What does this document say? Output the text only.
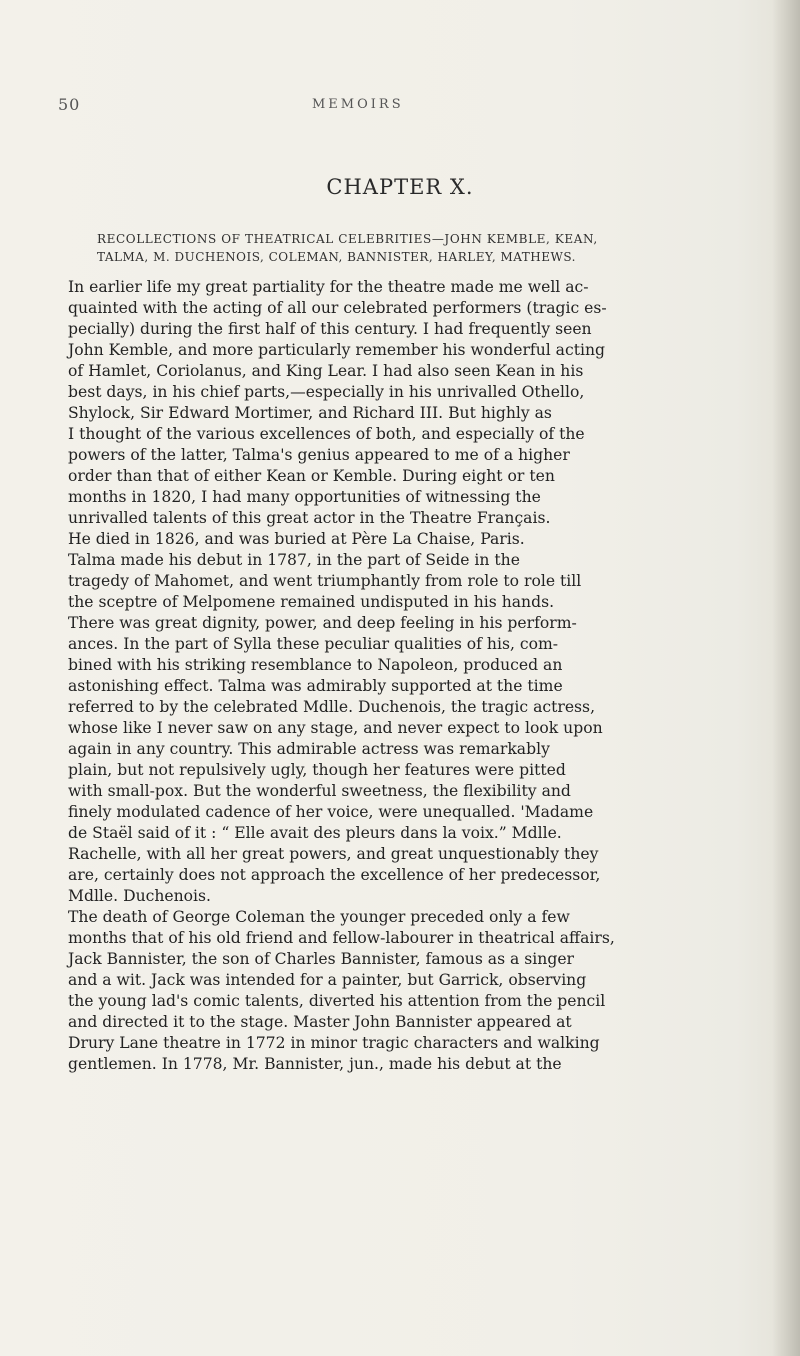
50	MEMOIRS
CHAPTER X.
RECOLLECTIONS OF THEATRICAL CELEBRITIES—JOHN KEMBLE, KEAN,
TALMA, M. DUCHENOIS, COLEMAN, BANNISTER, HARLEY, MATHEWS.
In earlier life my great partiality for the theatre made me well ac-
quainted with the acting of all our celebrated performers (tragic es-
pecially) during the first half of this century. I had frequently seen
John Kemble, and more particularly remember his wonderful acting
of Hamlet, Coriolanus, and King Lear. I had also seen Kean in his
best days, in his chief parts,—especially in his unrivalled Othello,
Shylock, Sir Edward Mortimer, and Richard III. But highly as
I thought of the various excellences of both, and especially of the
powers of the latter, Talma's genius appeared to me of a higher
order than that of either Kean or Kemble. During eight or ten
months in 1820, I had many opportunities of witnessing the
unrivalled talents of this great actor in the Theatre Français.
He died in 1826, and was buried at Père La Chaise, Paris.
Talma made his debut in 1787, in the part of Seide in the
tragedy of Mahomet, and went triumphantly from role to role till
the sceptre of Melpomene remained undisputed in his hands.
There was great dignity, power, and deep feeling in his perform-
ances. In the part of Sylla these peculiar qualities of his, com-
bined with his striking resemblance to Napoleon, produced an
astonishing effect. Talma was admirably supported at the time
referred to by the celebrated Mdlle. Duchenois, the tragic actress,
whose like I never saw on any stage, and never expect to look upon
again in any country. This admirable actress was remarkably
plain, but not repulsively ugly, though her features were pitted
with small-pox. But the wonderful sweetness, the flexibility and
finely modulated cadence of her voice, were unequalled. 'Madame
de Staël said of it : “ Elle avait des pleurs dans la voix.” Mdlle.
Rachelle, with all her great powers, and great unquestionably they
are, certainly does not approach the excellence of her predecessor,
Mdlle. Duchenois.
The death of George Coleman the younger preceded only a few
months that of his old friend and fellow-labourer in theatrical affairs,
Jack Bannister, the son of Charles Bannister, famous as a singer
and a wit. Jack was intended for a painter, but Garrick, observing
the young lad's comic talents, diverted his attention from the pencil
and directed it to the stage. Master John Bannister appeared at
Drury Lane theatre in 1772 in minor tragic characters and walking
gentlemen. In 1778, Mr. Bannister, jun., made his debut at the
